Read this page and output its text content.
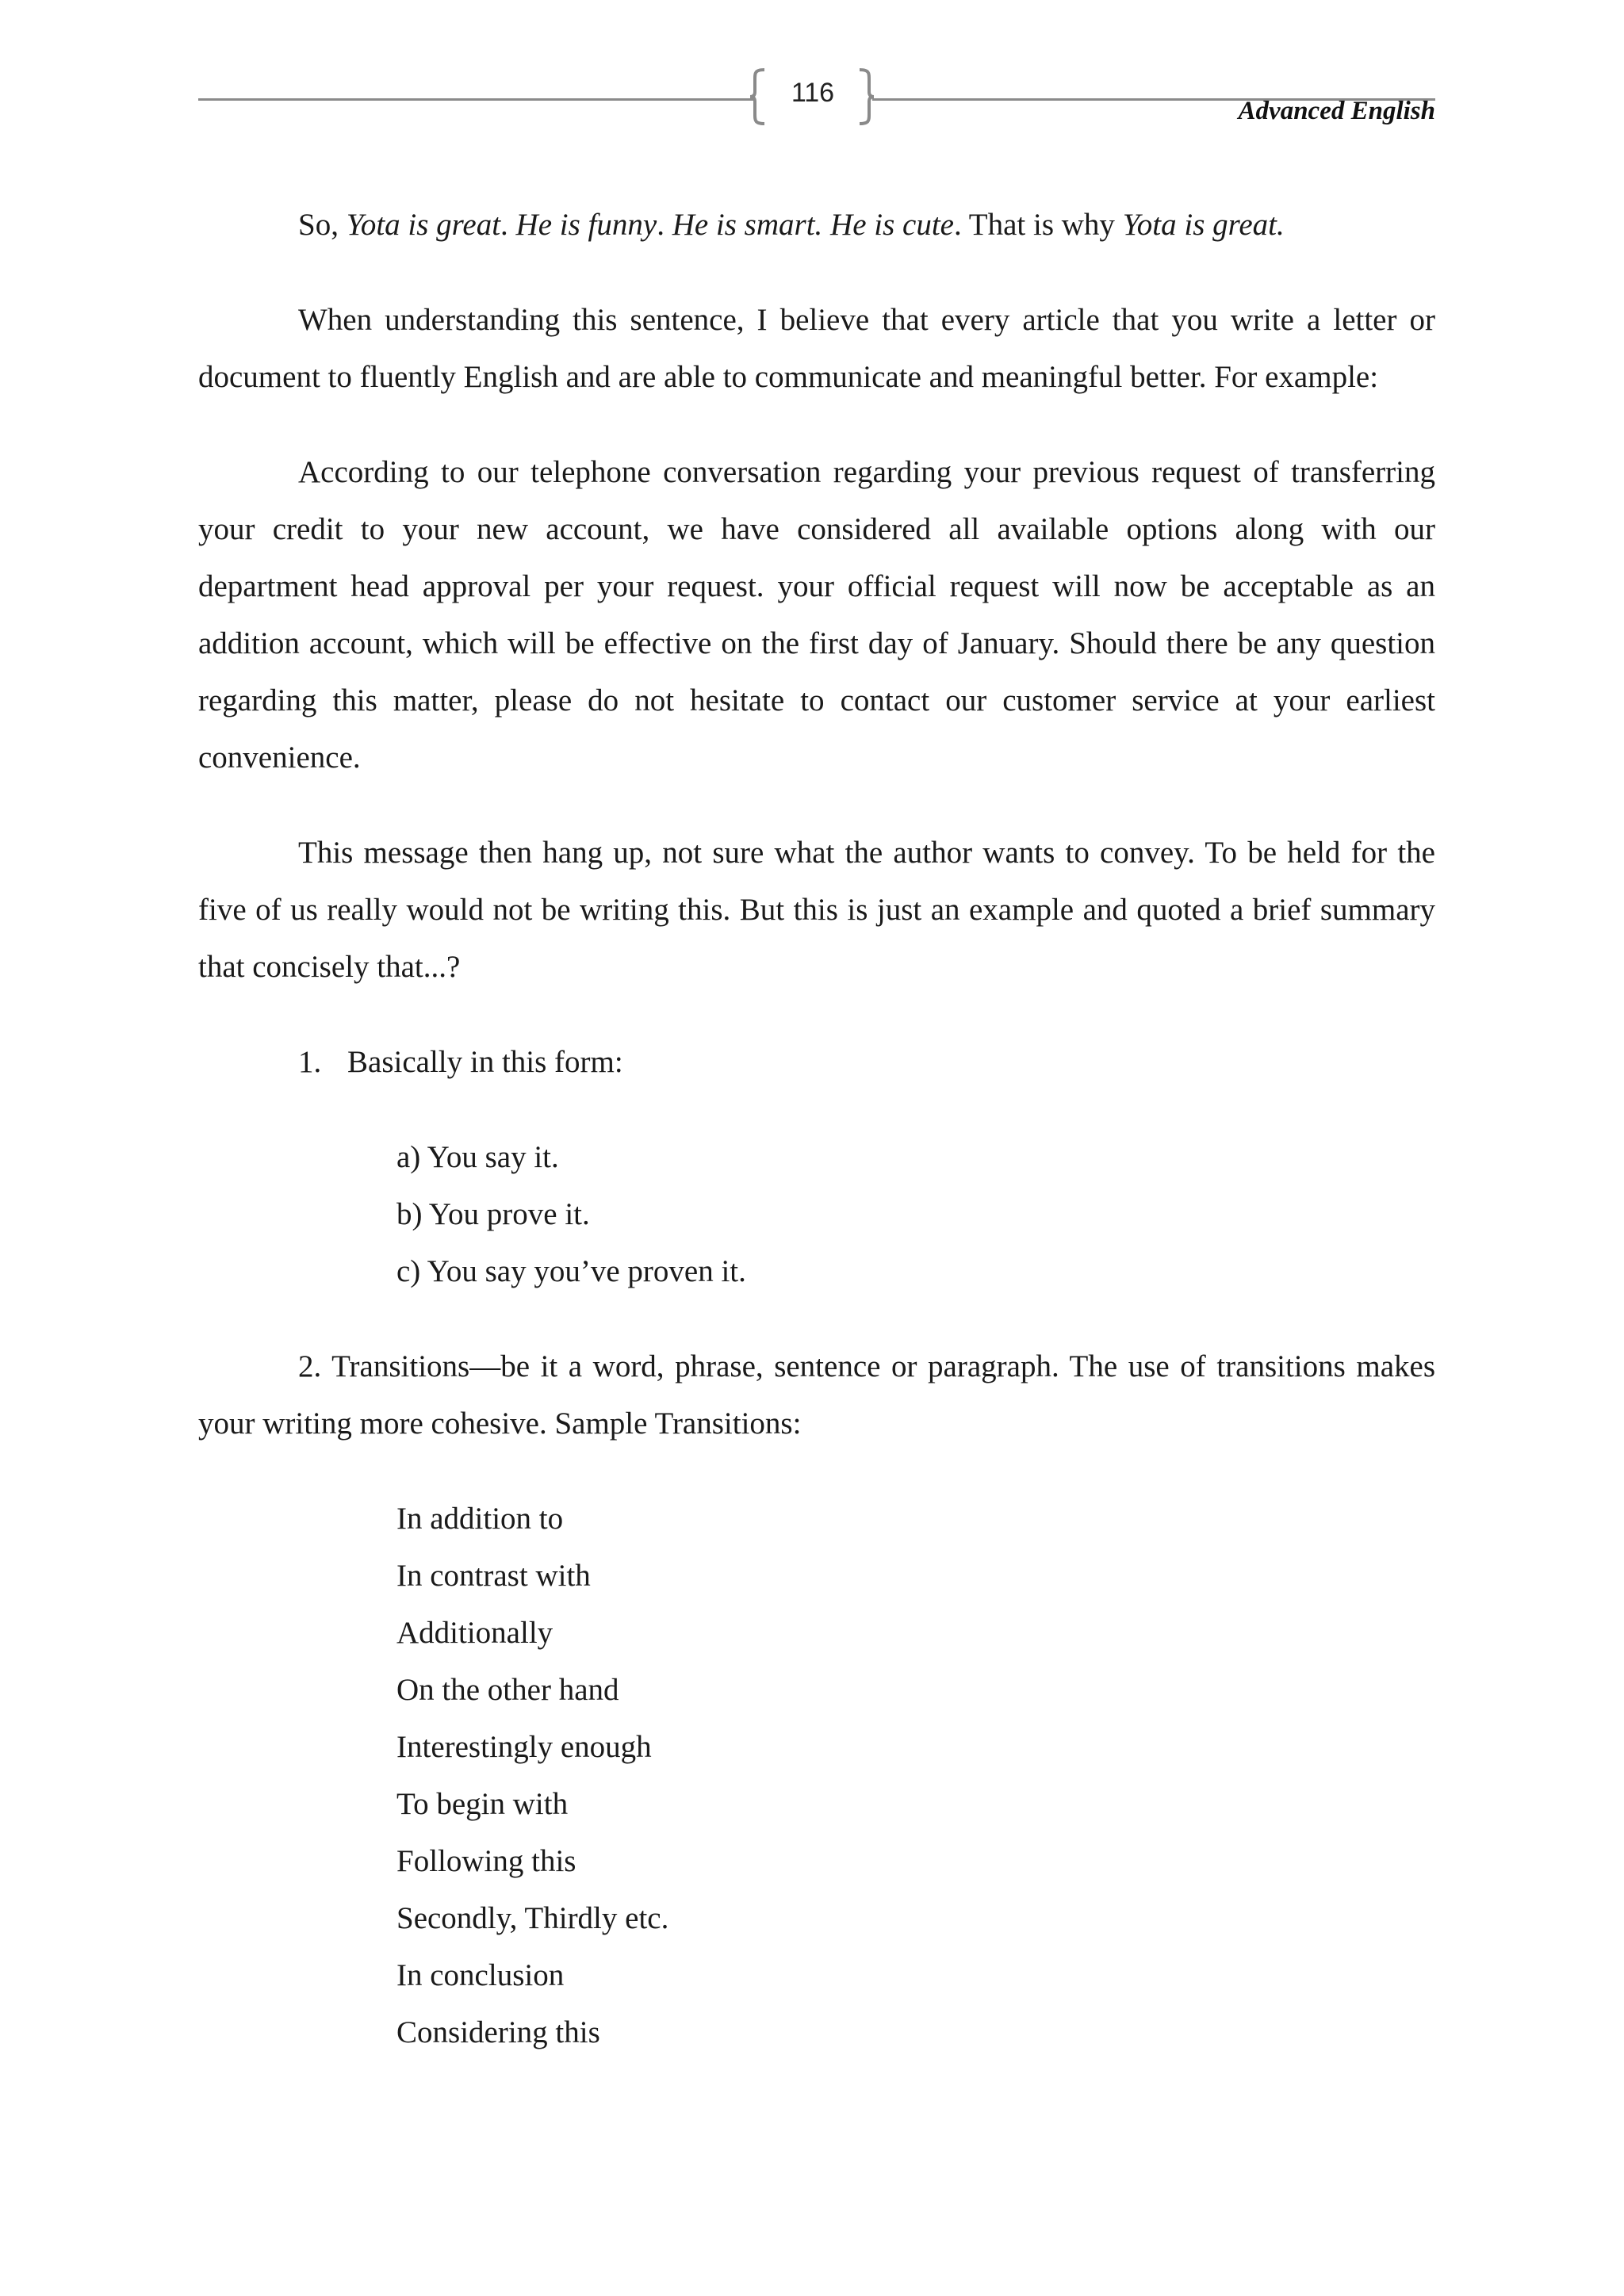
116
Advanced English

So, Yota is great. He is funny. He is smart. He is cute. That is why Yota is great.

When understanding this sentence, I believe that every article that you write a letter or document to fluently English and are able to communicate and meaningful better. For example:

According to our telephone conversation regarding your previous request of transferring your credit to your new account, we have considered all available options along with our department head approval per your request. your official request will now be acceptable as an addition account, which will be effective on the first day of January. Should there be any question regarding this matter, please do not hesitate to contact our customer service at your earliest convenience.

This message then hang up, not sure what the author wants to convey. To be held for the five of us really would not be writing this. But this is just an example and quoted a brief summary that concisely that...?

1. Basically in this form:
a) You say it.
b) You prove it.
c) You say you’ve proven it.

2. Transitions—be it a word, phrase, sentence or paragraph. The use of transitions makes your writing more cohesive. Sample Transitions:

In addition to
In contrast with
Additionally
On the other hand
Interestingly enough
To begin with
Following this
Secondly, Thirdly etc.
In conclusion
Considering this
